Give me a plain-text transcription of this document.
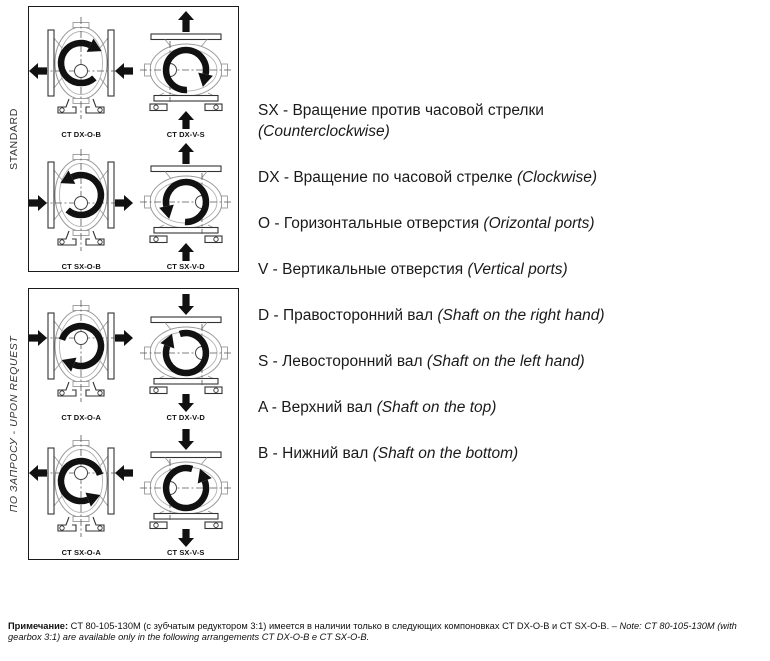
STANDARD	CT DX-O-B	CT DX-V-S
CT SX-O-B	CT SX-V-D
ПО ЗАПРОСУ - UPON REQUEST	CT DX-O-A	CT DX-V-D
CT SX-O-A	CT SX-V-S
SX - Вращение против часовой стрелки
(Counterclockwise)
DX - Вращение по часовой стрелке (Clockwise)
O - Горизонтальные отверстия (Orizontal ports)
V - Вертикальные отверстия (Vertical ports)
D - Правосторонний вал (Shaft on the right hand)
S - Левосторонний вал (Shaft on the left hand)
A - Верхний вал (Shaft on the top)
B - Нижний вал (Shaft on the bottom)

Примечание: CT 80-105-130M (с зубчатым редуктором 3:1) имеется в наличии только в следующих компоновках CT DX-O-B и CT SX-O-B. – Note: CT 80-105-130M (with gearbox 3:1) are available only in the following arrangements CT DX-O-B e CT SX-O-B.
